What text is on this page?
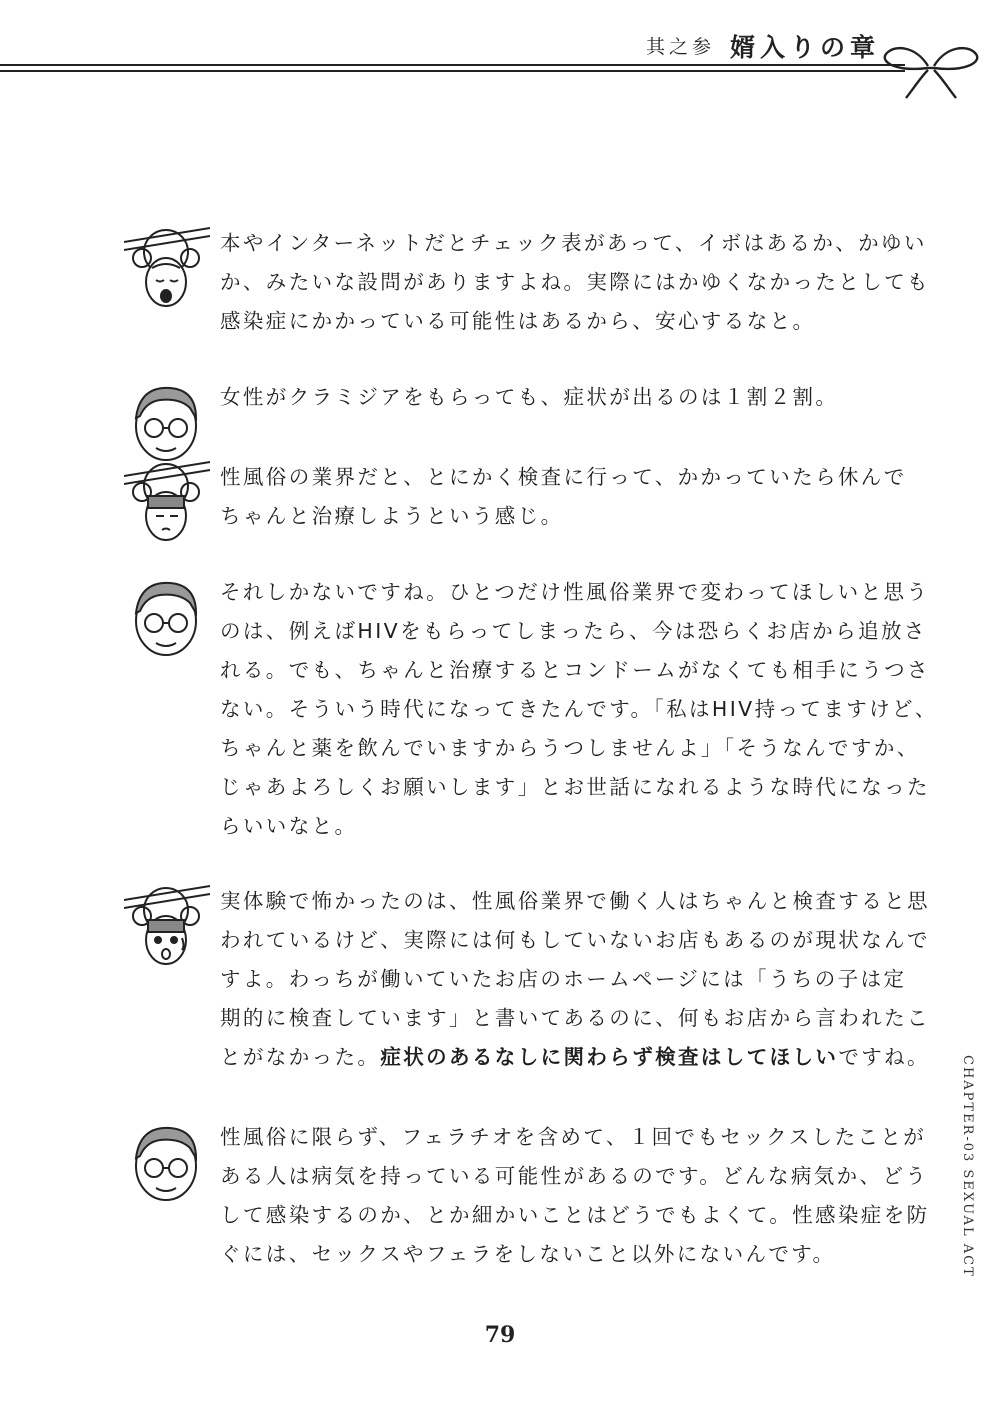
其之参 婿入りの章
CHAPTER-03 SEXUAL ACT

本やインターネットだとチェック表があって、イボはあるか、かゆい
か、みたいな設問がありますよね。実際にはかゆくなかったとしても
感染症にかかっている可能性はあるから、安心するなと。

女性がクラミジアをもらっても、症状が出るのは１割２割。

性風俗の業界だと、とにかく検査に行って、かかっていたら休んで
ちゃんと治療しようという感じ。

それしかないですね。ひとつだけ性風俗業界で変わってほしいと思う
のは、例えばHIVをもらってしまったら、今は恐らくお店から追放さ
れる。でも、ちゃんと治療するとコンドームがなくても相手にうつさ
ない。そういう時代になってきたんです。「私はHIV持ってますけど、
ちゃんと薬を飲んでいますからうつしませんよ」「そうなんですか、
じゃあよろしくお願いします」とお世話になれるような時代になった
らいいなと。

実体験で怖かったのは、性風俗業界で働く人はちゃんと検査すると思
われているけど、実際には何もしていないお店もあるのが現状なんで
すよ。わっちが働いていたお店のホームページには「うちの子は定
期的に検査しています」と書いてあるのに、何もお店から言われたこ
とがなかった。症状のあるなしに関わらず検査はしてほしいですね。

性風俗に限らず、フェラチオを含めて、１回でもセックスしたことが
ある人は病気を持っている可能性があるのです。どんな病気か、どう
して感染するのか、とか細かいことはどうでもよくて。性感染症を防
ぐには、セックスやフェラをしないこと以外にないんです。

79
